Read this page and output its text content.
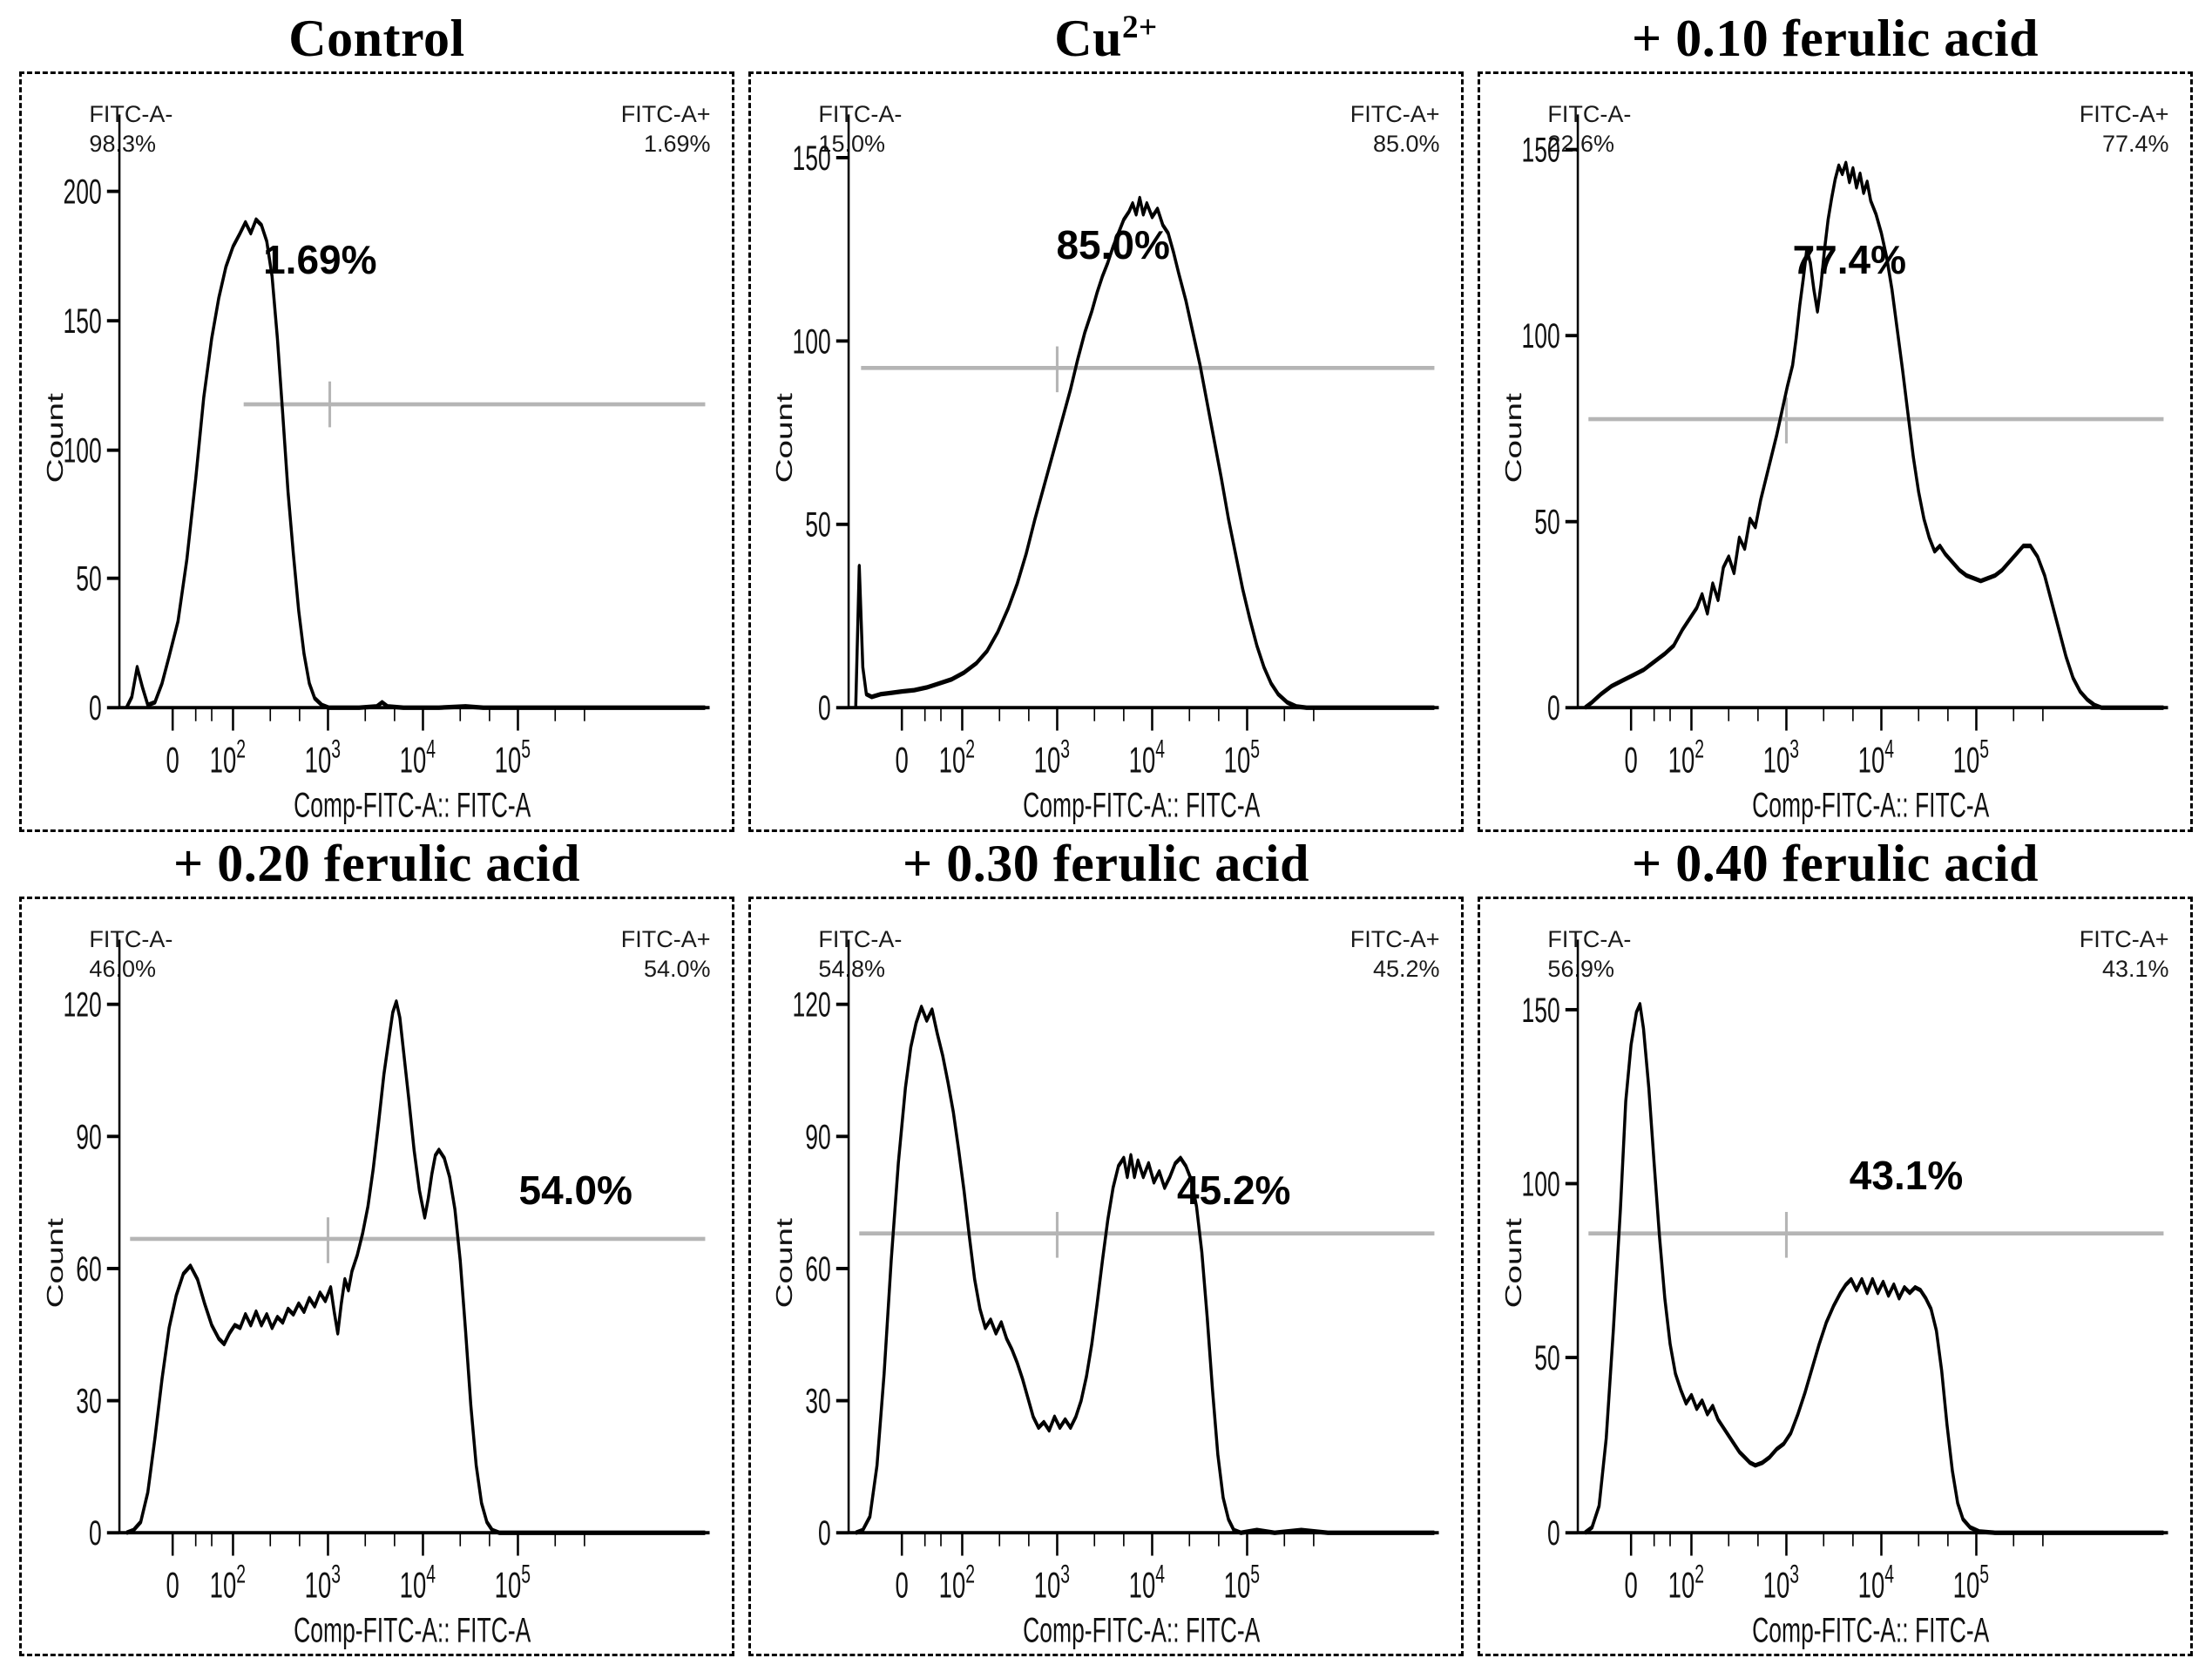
Control
FITC-A-
98.3%
FITC-A+
1.69%
1.69%
0
50
100
150
200
Count
0 $10^2$	$10^3$	$10^4$	$10^5$
Comp-FITC-A:: FITC-A
$Cu^{2+}$
FITC-A-
15.0%
FITC-A+
85.0%
85.0%
0
50
100
150
Count
0 $10^2$	$10^3$	$10^4$	$10^5$
Comp-FITC-A:: FITC-A
+ 0.10 ferulic acid
FITC-A-
22.6%
FITC-A+
77.4%
77.4%
0
50
100
150
Count
0 $10^2$	$10^3$	$10^4$	$10^5$
Comp-FITC-A:: FITC-A
+ 0.20 ferulic acid
FITC-A-
46.0%
FITC-A+
54.0%
54.0%
0
30
60
90
120
Count
0 $10^2$	$10^3$	$10^4$	$10^5$
Comp-FITC-A:: FITC-A
+ 0.30 ferulic acid
FITC-A-
54.8%
FITC-A+
45.2%
45.2%
0
30
60
90
120
Count
0 $10^2$	$10^3$	$10^4$	$10^5$
Comp-FITC-A:: FITC-A
+ 0.40 ferulic acid
FITC-A-
56.9%
FITC-A+
43.1%
43.1%
0
50
100
150
Count
0 $10^2$	$10^3$	$10^4$	$10^5$
Comp-FITC-A:: FITC-A
